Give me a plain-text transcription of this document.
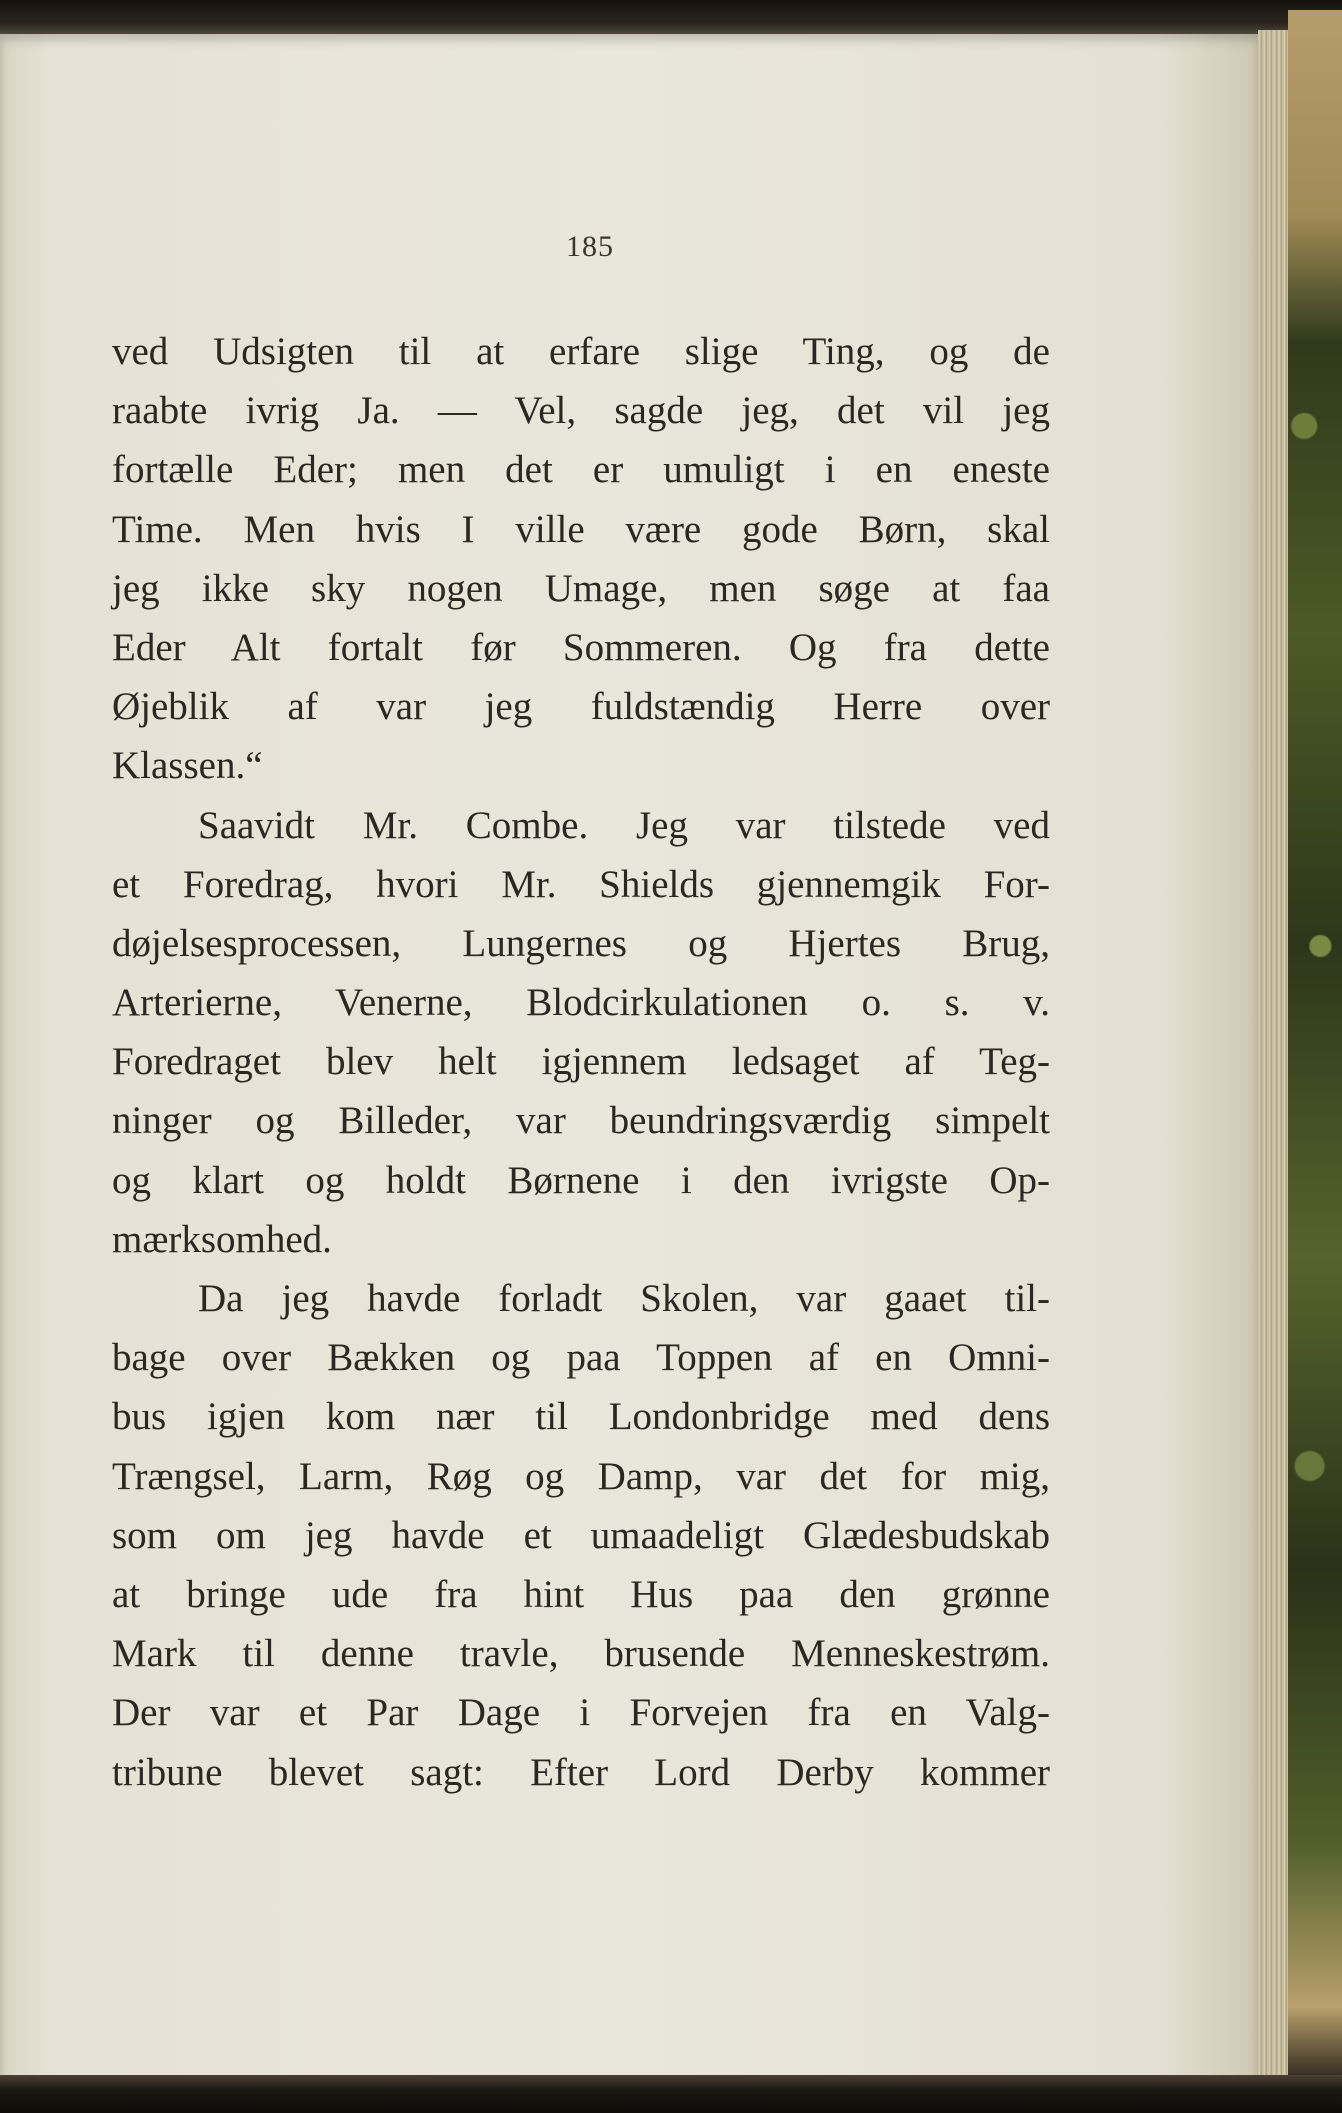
185
ved Udsigten til at erfare slige Ting, og de
raabte ivrig Ja. — Vel, sagde jeg, det vil jeg
fortælle Eder; men det er umuligt i en eneste
Time. Men hvis I ville være gode Børn, skal
jeg ikke sky nogen Umage, men søge at faa
Eder Alt fortalt før Sommeren. Og fra dette
Øjeblik af var jeg fuldstændig Herre over
Klassen.“
Saavidt Mr. Combe. Jeg var tilstede ved
et Foredrag, hvori Mr. Shields gjennemgik For-
døjelsesprocessen, Lungernes og Hjertes Brug,
Arterierne, Venerne, Blodcirkulationen o. s. v.
Foredraget blev helt igjennem ledsaget af Teg-
ninger og Billeder, var beundringsværdig simpelt
og klart og holdt Børnene i den ivrigste Op-
mærksomhed.
Da jeg havde forladt Skolen, var gaaet til-
bage over Bækken og paa Toppen af en Omni-
bus igjen kom nær til Londonbridge med dens
Trængsel, Larm, Røg og Damp, var det for mig,
som om jeg havde et umaadeligt Glædesbudskab
at bringe ude fra hint Hus paa den grønne
Mark til denne travle, brusende Menneskestrøm.
Der var et Par Dage i Forvejen fra en Valg-
tribune blevet sagt: Efter Lord Derby kommer
